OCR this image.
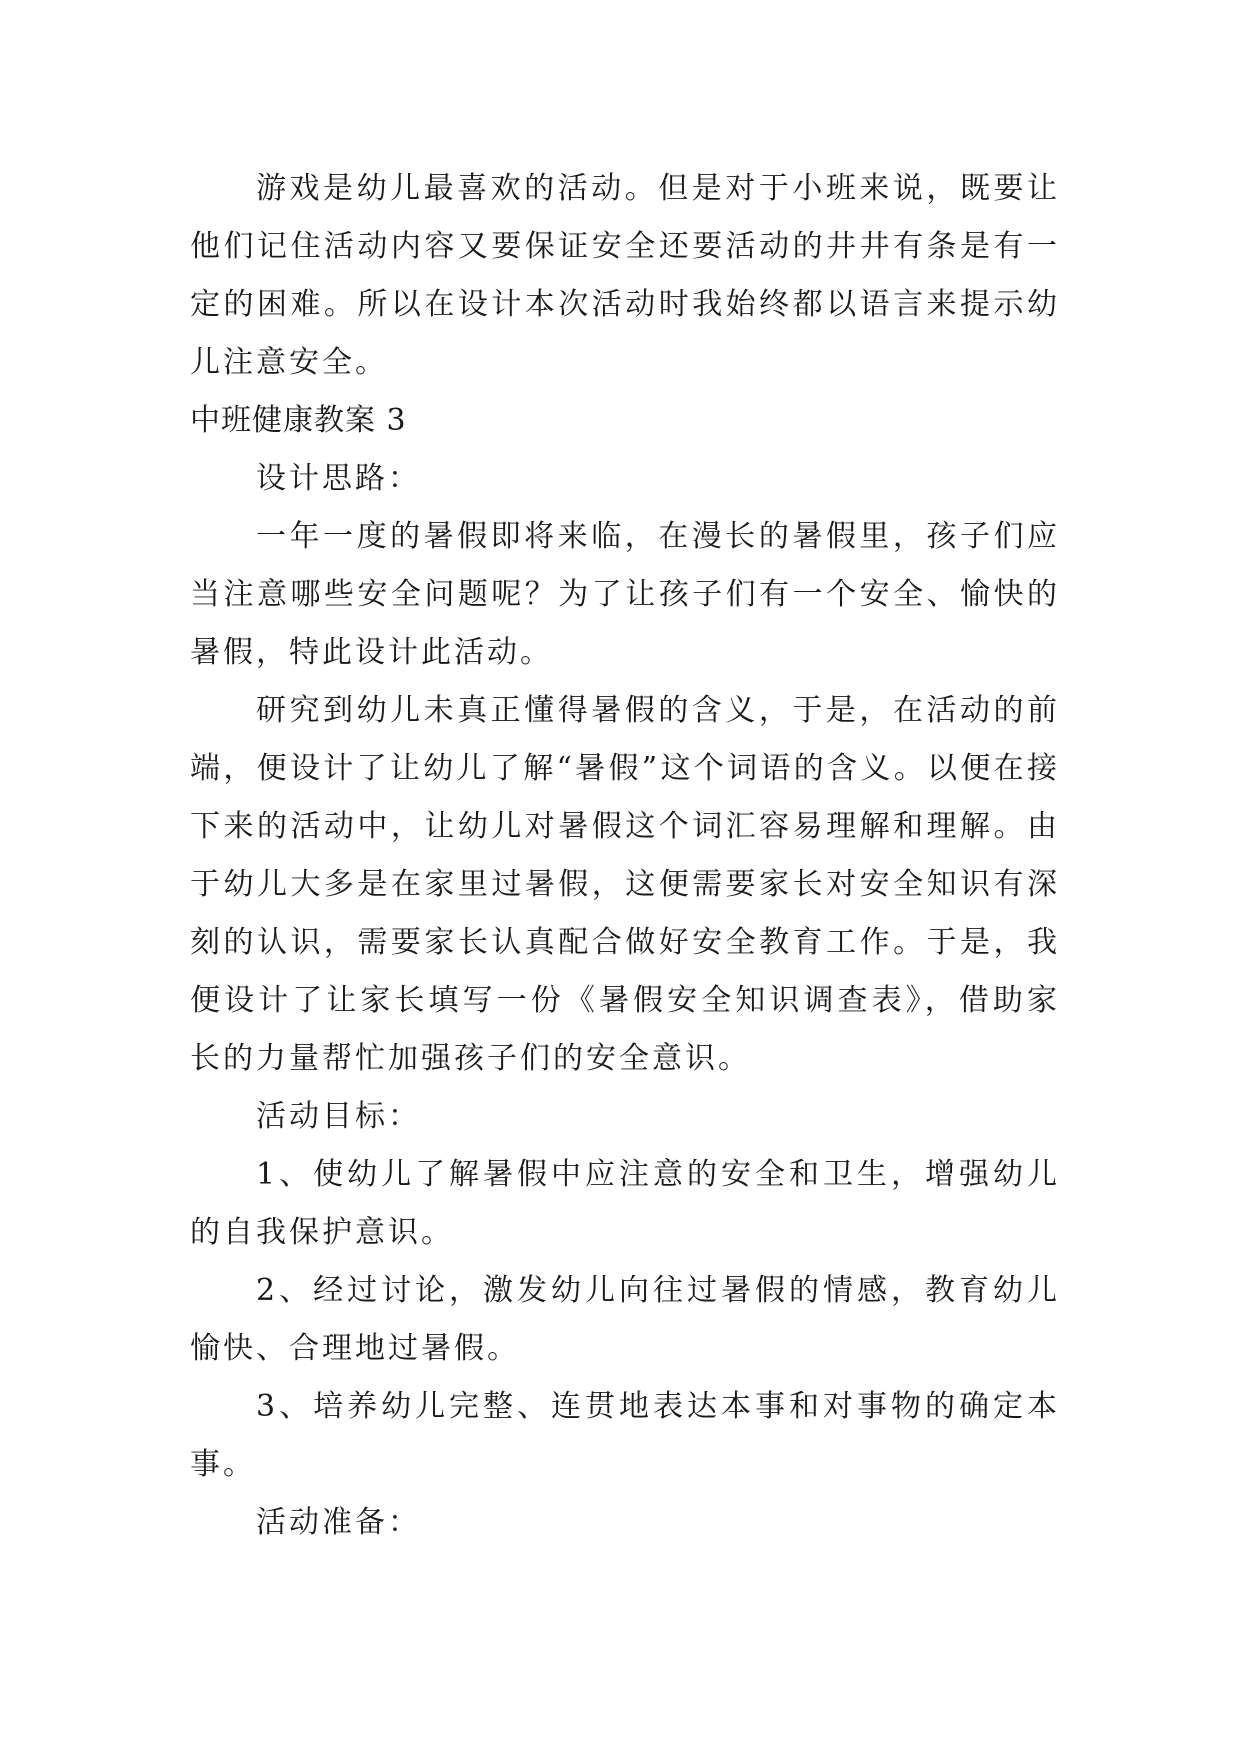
游戏是幼儿最喜欢的活动。但是对于小班来说，既要让他们记住活动内容又要保证安全还要活动的井井有条是有一定的困难。所以在设计本次活动时我始终都以语言来提示幼儿注意安全。

中班健康教案 3

设计思路：

一年一度的暑假即将来临，在漫长的暑假里，孩子们应当注意哪些安全问题呢？为了让孩子们有一个安全、愉快的暑假，特此设计此活动。

研究到幼儿未真正懂得暑假的含义，于是，在活动的前端，便设计了让幼儿了解“暑假”这个词语的含义。以便在接下来的活动中，让幼儿对暑假这个词汇容易理解和理解。由于幼儿大多是在家里过暑假，这便需要家长对安全知识有深刻的认识，需要家长认真配合做好安全教育工作。于是，我便设计了让家长填写一份《暑假安全知识调查表》，借助家长的力量帮忙加强孩子们的安全意识。

活动目标：

1、使幼儿了解暑假中应注意的安全和卫生，增强幼儿的自我保护意识。

2、经过讨论，激发幼儿向往过暑假的情感，教育幼儿愉快、合理地过暑假。

3、培养幼儿完整、连贯地表达本事和对事物的确定本事。

活动准备：
